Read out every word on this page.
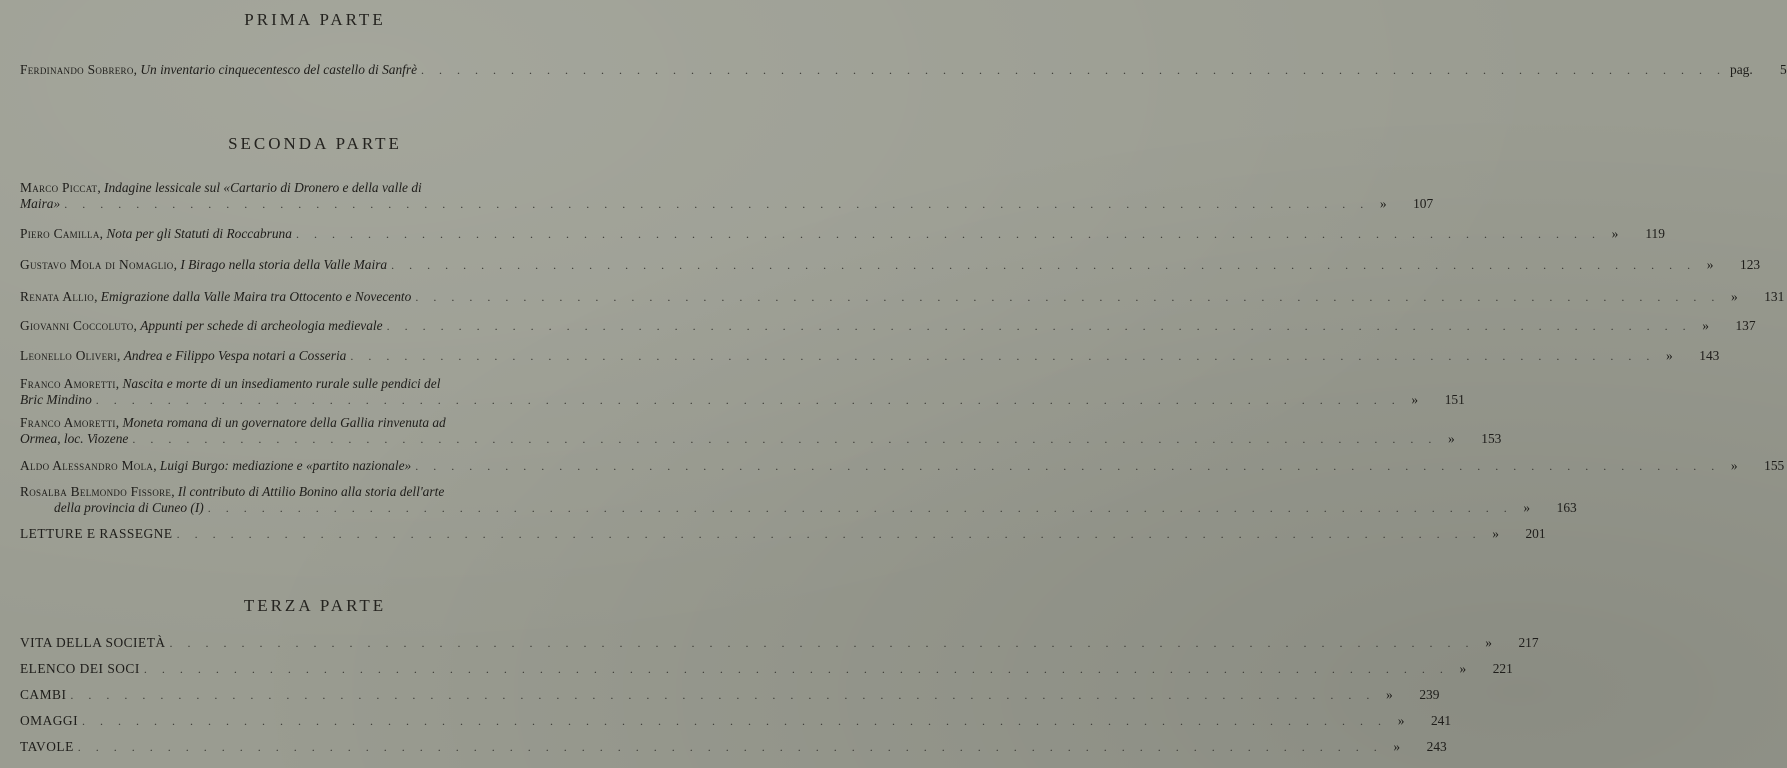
PRIMA PARTE
Ferdinando Sobrero, Un inventario cinquecentesco del castello di Sanfrè . . .	pag.	5
SECONDA PARTE
Marco Piccat, Indagine lessicale sul «Cartario di Dronero e della valle di
Maira» . . .	»	107
Piero Camilla, Nota per gli Statuti di Roccabruna . . .	»	119
Gustavo Mola di Nomaglio, I Birago nella storia della Valle Maira . . .	»	123
Renata Allio, Emigrazione dalla Valle Maira tra Ottocento e Novecento . . .	»	131
Giovanni Coccoluto, Appunti per schede di archeologia medievale . . .	»	137
Leonello Oliveri, Andrea e Filippo Vespa notari a Cosseria . . .	»	143
Franco Amoretti, Nascita e morte di un insediamento rurale sulle pendici del
Bric Mindino . . .	»	151
Franco Amoretti, Moneta romana di un governatore della Gallia rinvenuta ad
Ormea, loc. Viozene . . .	»	153
Aldo Alessandro Mola, Luigi Burgo: mediazione e «partito nazionale» . . .	»	155
Rosalba Belmondo Fissore, Il contributo di Attilio Bonino alla storia dell'arte
della provincia di Cuneo (I) . . .	»	163
LETTURE E RASSEGNE . . .	»	201
TERZA PARTE
VITA DELLA SOCIETÀ . . .	»	217
ELENCO DEI SOCI . . .	»	221
CAMBI . . .	»	239
OMAGGI . . .	»	241
TAVOLE . . .	»	243
